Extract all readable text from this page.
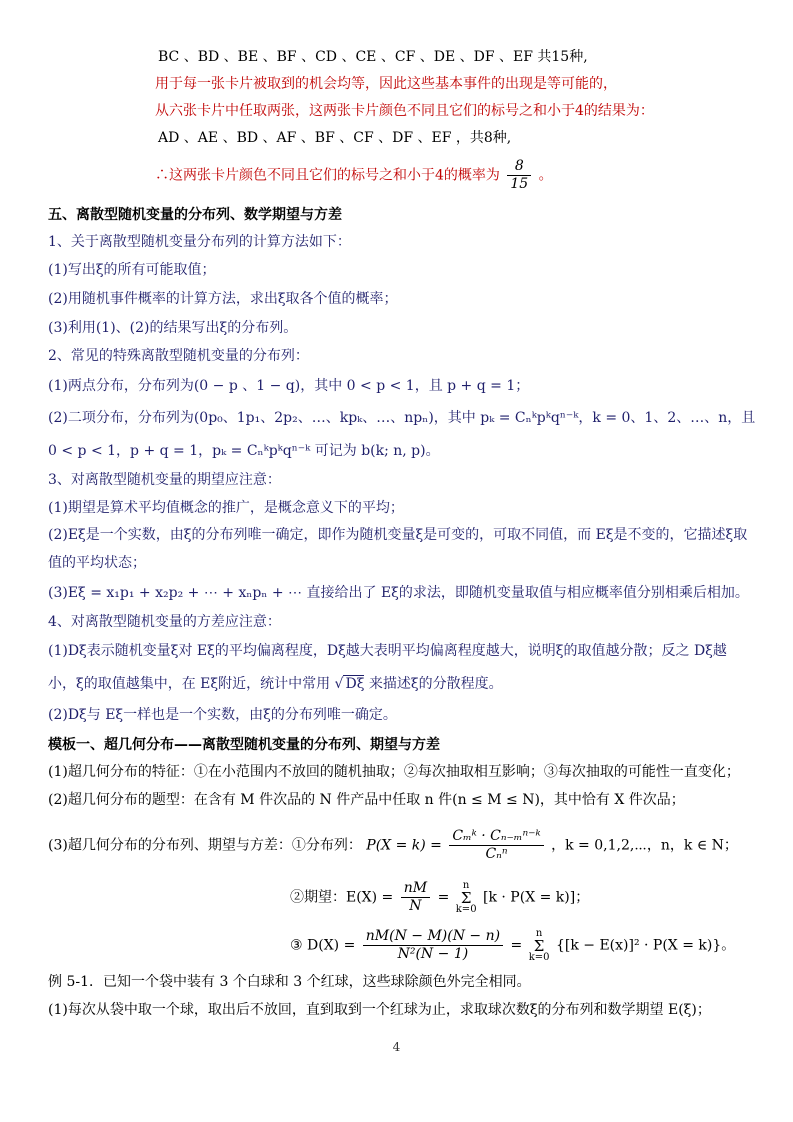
BC 、BD 、BE 、BF 、CD 、CE 、CF 、DE 、DF 、EF 共15种,
用于每一张卡片被取到的机会均等，因此这些基本事件的出现是等可能的，
从六张卡片中任取两张，这两张卡片颜色不同且它们的标号之和小于4的结果为：
AD 、AE 、BD 、AF 、BF 、CF 、DF 、EF ，共8种,
∴这两张卡片颜色不同且它们的标号之和小于4的概率为 $\frac{8}{15}$ 。
五、离散型随机变量的分布列、数学期望与方差
1、关于离散型随机变量分布列的计算方法如下：
(1)写出ξ的所有可能取值；
(2)用随机事件概率的计算方法，求出ξ取各个值的概率；
(3)利用(1)、(2)的结果写出ξ的分布列。
2、常见的特殊离散型随机变量的分布列：
(1)两点分布，分布列为(0 − p 、1 − q)，其中 0 < p < 1，且 p + q = 1；
(2)二项分布，分布列为(0p₀、1p₁、2p₂、…、kpₖ、…、npₙ)，其中 pₖ = Cₙᵏpᵏqⁿ⁻ᵏ，k = 0、1、2、…、n，且
0 < p < 1，p + q = 1，pₖ = Cₙᵏpᵏqⁿ⁻ᵏ 可记为 b(k; n, p)。
3、对离散型随机变量的期望应注意：
(1)期望是算术平均值概念的推广，是概念意义下的平均；
(2)Eξ是一个实数，由ξ的分布列唯一确定，即作为随机变量ξ是可变的，可取不同值，而 Eξ是不变的，它描述ξ取
值的平均状态；
(3)Eξ = x₁p₁ + x₂p₂ + ⋯ + xₙpₙ + ⋯ 直接给出了 Eξ的求法，即随机变量取值与相应概率值分别相乘后相加。
4、对离散型随机变量的方差应注意：
(1)Dξ表示随机变量ξ对 Eξ的平均偏离程度，Dξ越大表明平均偏离程度越大，说明ξ的取值越分散；反之 Dξ越
小，ξ的取值越集中，在 Eξ附近，统计中常用 √ Dξ 来描述ξ的分散程度。
(2)Dξ与 Eξ一样也是一个实数，由ξ的分布列唯一确定。
模板一、超几何分布——离散型随机变量的分布列、期望与方差
(1)超几何分布的特征：①在小范围内不放回的随机抽取；②每次抽取相互影响；③每次抽取的可能性一直变化；
(2)超几何分布的题型：在含有 M 件次品的 N 件产品中任取 n 件(n ≤ M ≤ N)，其中恰有 X 件次品；
(3)超几何分布的分布列、期望与方差：①分布列： $P(X = k) = \frac{\text{Cₘᵏ · Cₙ₋ₘⁿ⁻ᵏ}}{\text{Cₙⁿ}}$ ，k = 0,1,2,⋯，n，k ∈ N；
②期望：$E(X) = \frac{nM}{N} = n$
Σ
k=0 [k · P(X = k)]；
③ $D(X) = \frac{nM(N - M)(N - n)}{\text{N²(N − 1)}} = n$
Σ
k=0 {[k − E(x)]² · P(X = k)}。
例 5-1．已知一个袋中装有 3 个白球和 3 个红球，这些球除颜色外完全相同。
(1)每次从袋中取一个球，取出后不放回，直到取到一个红球为止，求取球次数ξ的分布列和数学期望 E(ξ)；
4
